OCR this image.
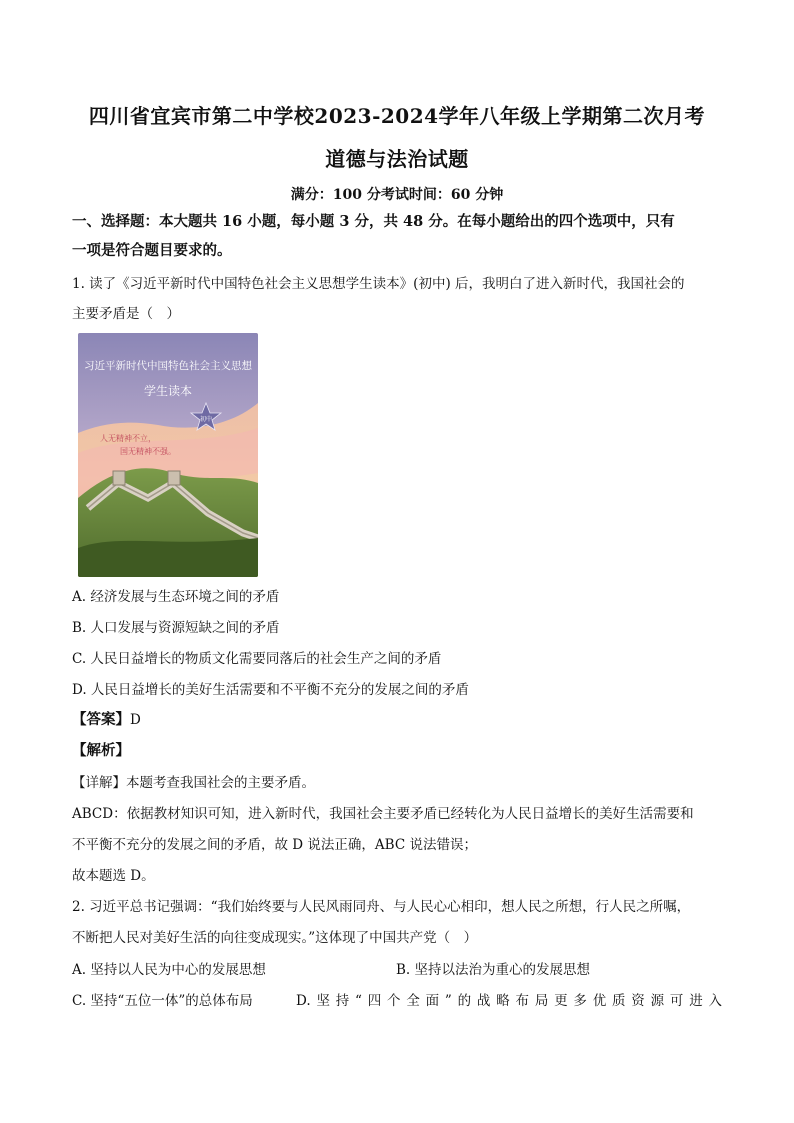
四川省宜宾市第二中学校2023-2024学年八年级上学期第二次月考
道德与法治试题
满分：100 分考试时间：60 分钟
一、选择题：本大题共 16 小题，每小题 3 分，共 48 分。在每小题给出的四个选项中，只有
一项是符合题目要求的。
1. 读了《习近平新时代中国特色社会主义思想学生读本》(初中) 后，我明白了进入新时代，我国社会的
主要矛盾是（　）
习近平新时代中国特色社会主义思想
学生读本
初中
人无精神不立，
国无精神不强。
A. 经济发展与生态环境之间的矛盾
B. 人口发展与资源短缺之间的矛盾
C. 人民日益增长的物质文化需要同落后的社会生产之间的矛盾
D. 人民日益增长的美好生活需要和不平衡不充分的发展之间的矛盾
【答案】D
【解析】
【详解】本题考查我国社会的主要矛盾。
ABCD：依据教材知识可知，进入新时代，我国社会主要矛盾已经转化为人民日益增长的美好生活需要和
不平衡不充分的发展之间的矛盾，故 D 说法正确，ABC 说法错误；
故本题选 D。
2. 习近平总书记强调：“我们始终要与人民风雨同舟、与人民心心相印，想人民之所想，行人民之所嘱，
不断把人民对美好生活的向往变成现实。”这体现了中国共产党（　）
A. 坚持以人民为中心的发展思想	B. 坚持以法治为重心的发展思想
C. 坚持“五位一体”的总体布局	D. 坚 持 “ 四 个 全 面 ” 的 战 略 布 局 更 多 优 质 资 源 可 进 入
